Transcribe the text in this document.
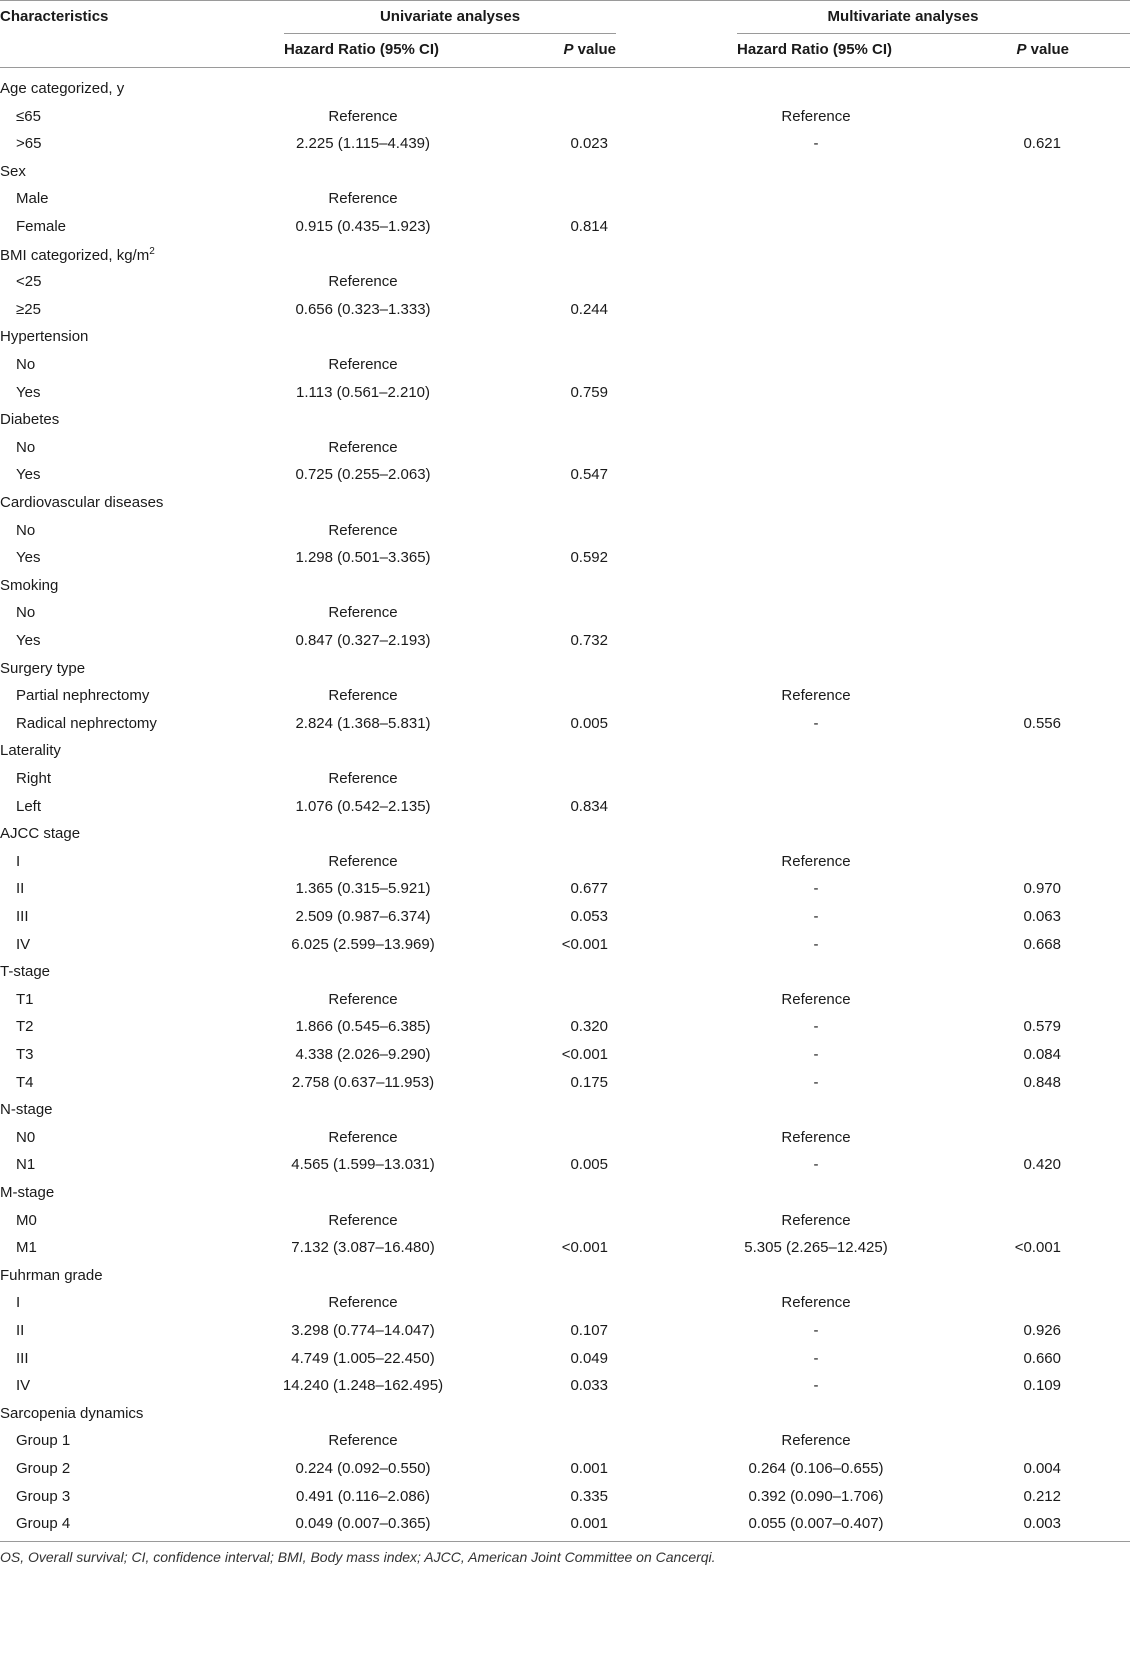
Characteristics	Univariate analyses	Multivariate analyses
Hazard Ratio (95% CI)	P value	Hazard Ratio (95% CI)	P value
Age categorized, y
≤65	Reference	Reference
>65	2.225 (1.115–4.439)	0.023	-	0.621
Sex
Male	Reference
Female	0.915 (0.435–1.923)	0.814
BMI categorized, $kg/m^2$
<25	Reference
≥25	0.656 (0.323–1.333)	0.244
Hypertension
No	Reference
Yes	1.113 (0.561–2.210)	0.759
Diabetes
No	Reference
Yes	0.725 (0.255–2.063)	0.547
Cardiovascular diseases
No	Reference
Yes	1.298 (0.501–3.365)	0.592
Smoking
No	Reference
Yes	0.847 (0.327–2.193)	0.732
Surgery type
Partial nephrectomy	Reference	Reference
Radical nephrectomy	2.824 (1.368–5.831)	0.005	-	0.556
Laterality
Right	Reference
Left	1.076 (0.542–2.135)	0.834
AJCC stage
I	Reference	Reference
II	1.365 (0.315–5.921)	0.677	-	0.970
III	2.509 (0.987–6.374)	0.053	-	0.063
IV	6.025 (2.599–13.969)	<0.001	-	0.668
T-stage
T1	Reference	Reference
T2	1.866 (0.545–6.385)	0.320	-	0.579
T3	4.338 (2.026–9.290)	<0.001	-	0.084
T4	2.758 (0.637–11.953)	0.175	-	0.848
N-stage
N0	Reference	Reference
N1	4.565 (1.599–13.031)	0.005	-	0.420
M-stage
M0	Reference	Reference
M1	7.132 (3.087–16.480)	<0.001	5.305 (2.265–12.425)	<0.001
Fuhrman grade
I	Reference	Reference
II	3.298 (0.774–14.047)	0.107	-	0.926
III	4.749 (1.005–22.450)	0.049	-	0.660
IV	14.240 (1.248–162.495)	0.033	-	0.109
Sarcopenia dynamics
Group 1	Reference	Reference
Group 2	0.224 (0.092–0.550)	0.001	0.264 (0.106–0.655)	0.004
Group 3	0.491 (0.116–2.086)	0.335	0.392 (0.090–1.706)	0.212
Group 4	0.049 (0.007–0.365)	0.001	0.055 (0.007–0.407)	0.003
OS, Overall survival; CI, confidence interval; BMI, Body mass index; AJCC, American Joint Committee on Cancerqi.
